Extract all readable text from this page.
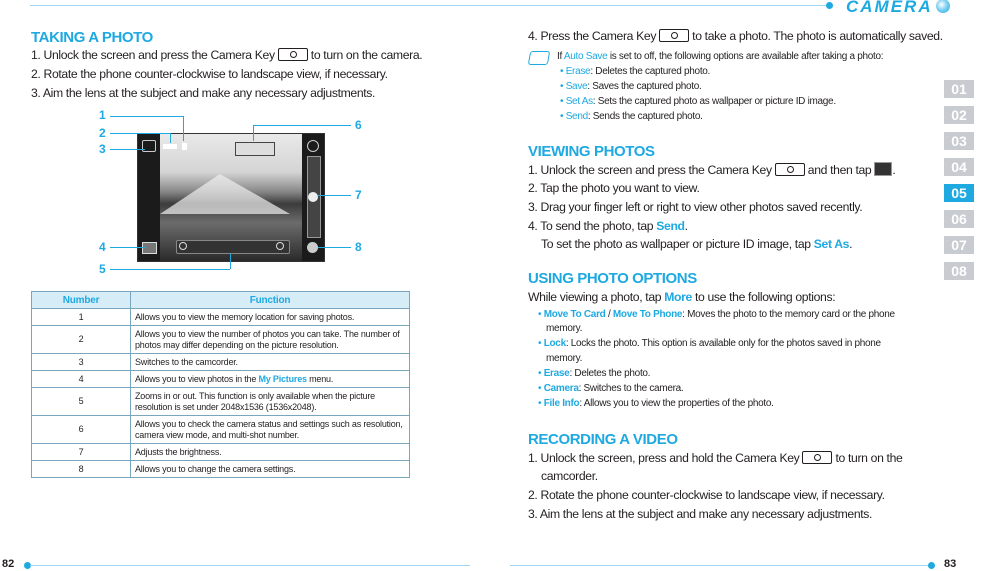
CAMERA
01
02
03
04
05
06
07
08
82	83
TAKING A PHOTO
1. Unlock the screen and press the Camera Key  to turn on the camera.
2. Rotate the phone counter-clockwise to landscape view, if necessary.
3. Aim the lens at the subject and make any necessary adjustments.
1
2
3
4
5
6
7
8
Number	Function
1	Allows you to view the memory location for saving photos.
2	Allows you to view the number of photos you can take. The number of photos may differ depending on the picture resolution.
3	Switches to the camcorder.
4	Allows you to view photos in the My Pictures menu.
5	Zooms in or out. This function is only available when the picture resolution is set under 2048x1536 (1536x2048).
6	Allows you to check the camera status and settings such as resolution, camera view mode, and multi-shot number.
7	Adjusts the brightness.
8	Allows you to change the camera settings.
4. Press the Camera Key  to take a photo. The photo is automatically saved.
If Auto Save is set to off, the following options are available after taking a photo:
• Erase: Deletes the captured photo.
• Save: Saves the captured photo.
• Set As: Sets the captured photo as wallpaper or picture ID image.
• Send: Sends the captured photo.
VIEWING PHOTOS
1. Unlock the screen and press the Camera Key  and then tap .
2. Tap the photo you want to view.
3. Drag your finger left or right to view other photos saved recently.
4. To send the photo, tap Send.
To set the photo as wallpaper or picture ID image, tap Set As.
USING PHOTO OPTIONS
While viewing a photo, tap More to use the following options:
• Move To Card / Move To Phone: Moves the photo to the memory card or the phone
memory.
• Lock: Locks the photo. This option is available only for the photos saved in phone
memory.
• Erase: Deletes the photo.
• Camera: Switches to the camera.
• File Info: Allows you to view the properties of the photo.
RECORDING A VIDEO
1. Unlock the screen, press and hold the Camera Key  to turn on the
camcorder.
2. Rotate the phone counter-clockwise to landscape view, if necessary.
3. Aim the lens at the subject and make any necessary adjustments.
